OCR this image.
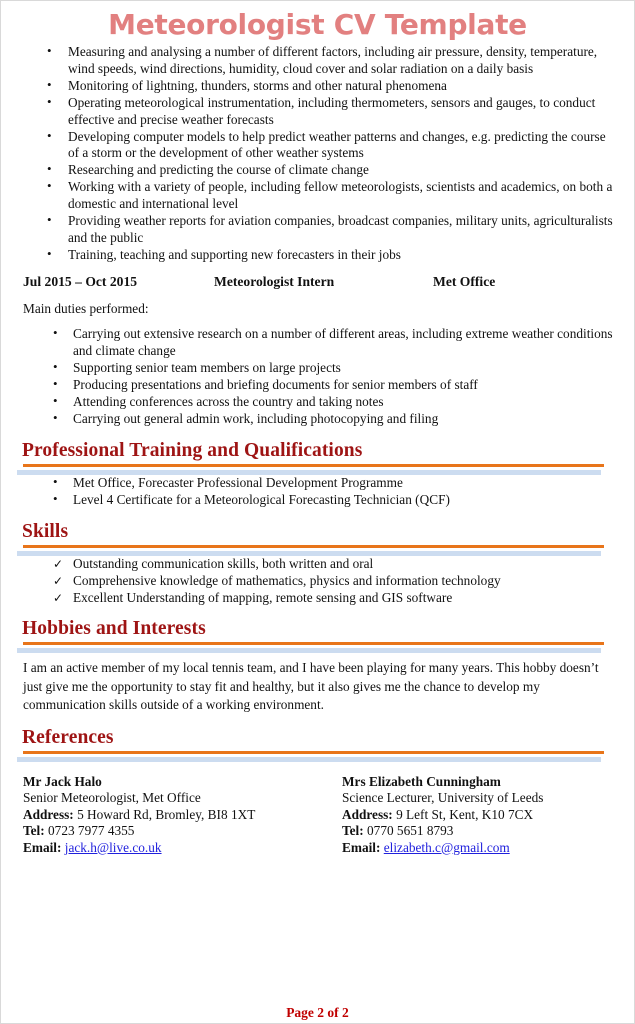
Meteorologist CV Template
• Measuring and analysing a number of different factors, including air pressure, density, temperature, wind speeds, wind directions, humidity, cloud cover and solar radiation on a daily basis
• Monitoring of lightning, thunders, storms and other natural phenomena
• Operating meteorological instrumentation, including thermometers, sensors and gauges, to conduct effective and precise weather forecasts
• Developing computer models to help predict weather patterns and changes, e.g. predicting the course of a storm or the development of other weather systems
• Researching and predicting the course of climate change
• Working with a variety of people, including fellow meteorologists, scientists and academics, on both a domestic and international level
• Providing weather reports for aviation companies, broadcast companies, military units, agriculturalists and the public
• Training, teaching and supporting new forecasters in their jobs
Jul 2015 – Oct 2015	Meteorologist Intern	Met Office
Main duties performed:
• Carrying out extensive research on a number of different areas, including extreme weather conditions and climate change
• Supporting senior team members on large projects
• Producing presentations and briefing documents for senior members of staff
• Attending conferences across the country and taking notes
• Carrying out general admin work, including photocopying and filing
Professional Training and Qualifications
• Met Office, Forecaster Professional Development Programme
• Level 4 Certificate for a Meteorological Forecasting Technician (QCF)
Skills
✓ Outstanding communication skills, both written and oral
✓ Comprehensive knowledge of mathematics, physics and information technology
✓ Excellent Understanding of mapping, remote sensing and GIS software
Hobbies and Interests

I am an active member of my local tennis team, and I have been playing for many years. This hobby doesn’t just give me the opportunity to stay fit and healthy, but it also gives me the chance to develop my communication skills outside of a working environment.

References
Mr Jack Halo
Senior Meteorologist, Met Office
Address: 5 Howard Rd, Bromley, BI8 1XT
Tel: 0723 7977 4355
Email: jack.h@live.co.uk
Mrs Elizabeth Cunningham
Science Lecturer, University of Leeds
Address: 9 Left St, Kent, K10 7CX
Tel: 0770 5651 8793
Email: elizabeth.c@gmail.com
Page 2 of 2
